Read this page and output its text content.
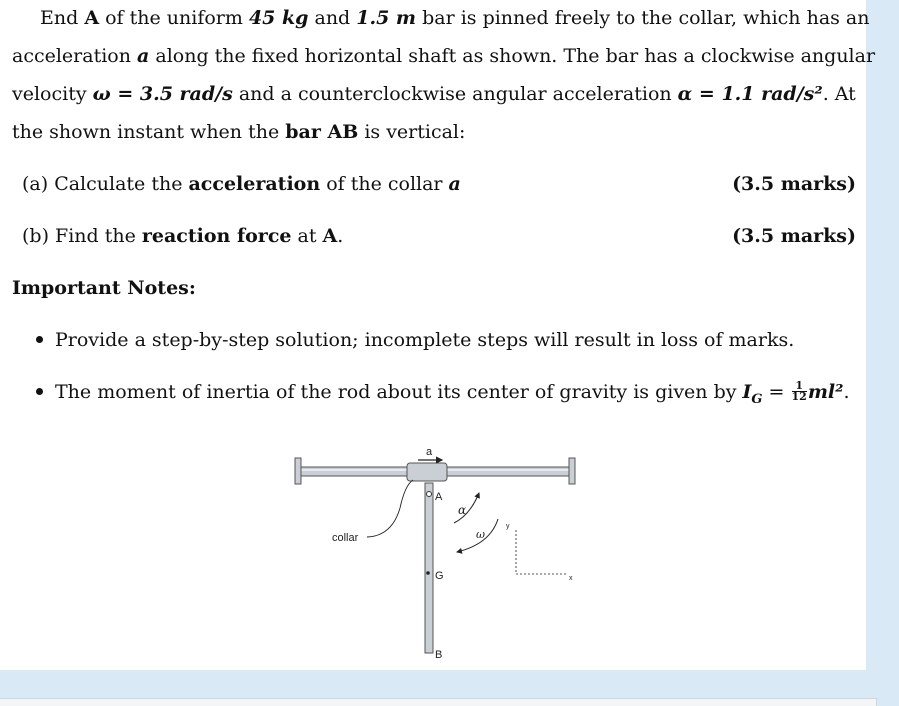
End A of the uniform 45 kg and 1.5 m bar is pinned freely to the collar, which has an
acceleration a along the fixed horizontal shaft as shown. The bar has a clockwise angular
velocity ω = 3.5 rad/s and a counterclockwise angular acceleration α = 1.1 rad/s². At
the shown instant when the bar AB is vertical:
(a) Calculate the acceleration of the collar a	(3.5 marks)
(b) Find the reaction force at A.	(3.5 marks)
Important Notes:
Provide a step-by-step solution; incomplete steps will result in loss of marks.
The moment of inertia of the rod about its center of gravity is given by $I_G = \frac{1}{12} ml^2$.
a
A
G
B
α
ω
collar
y
x
